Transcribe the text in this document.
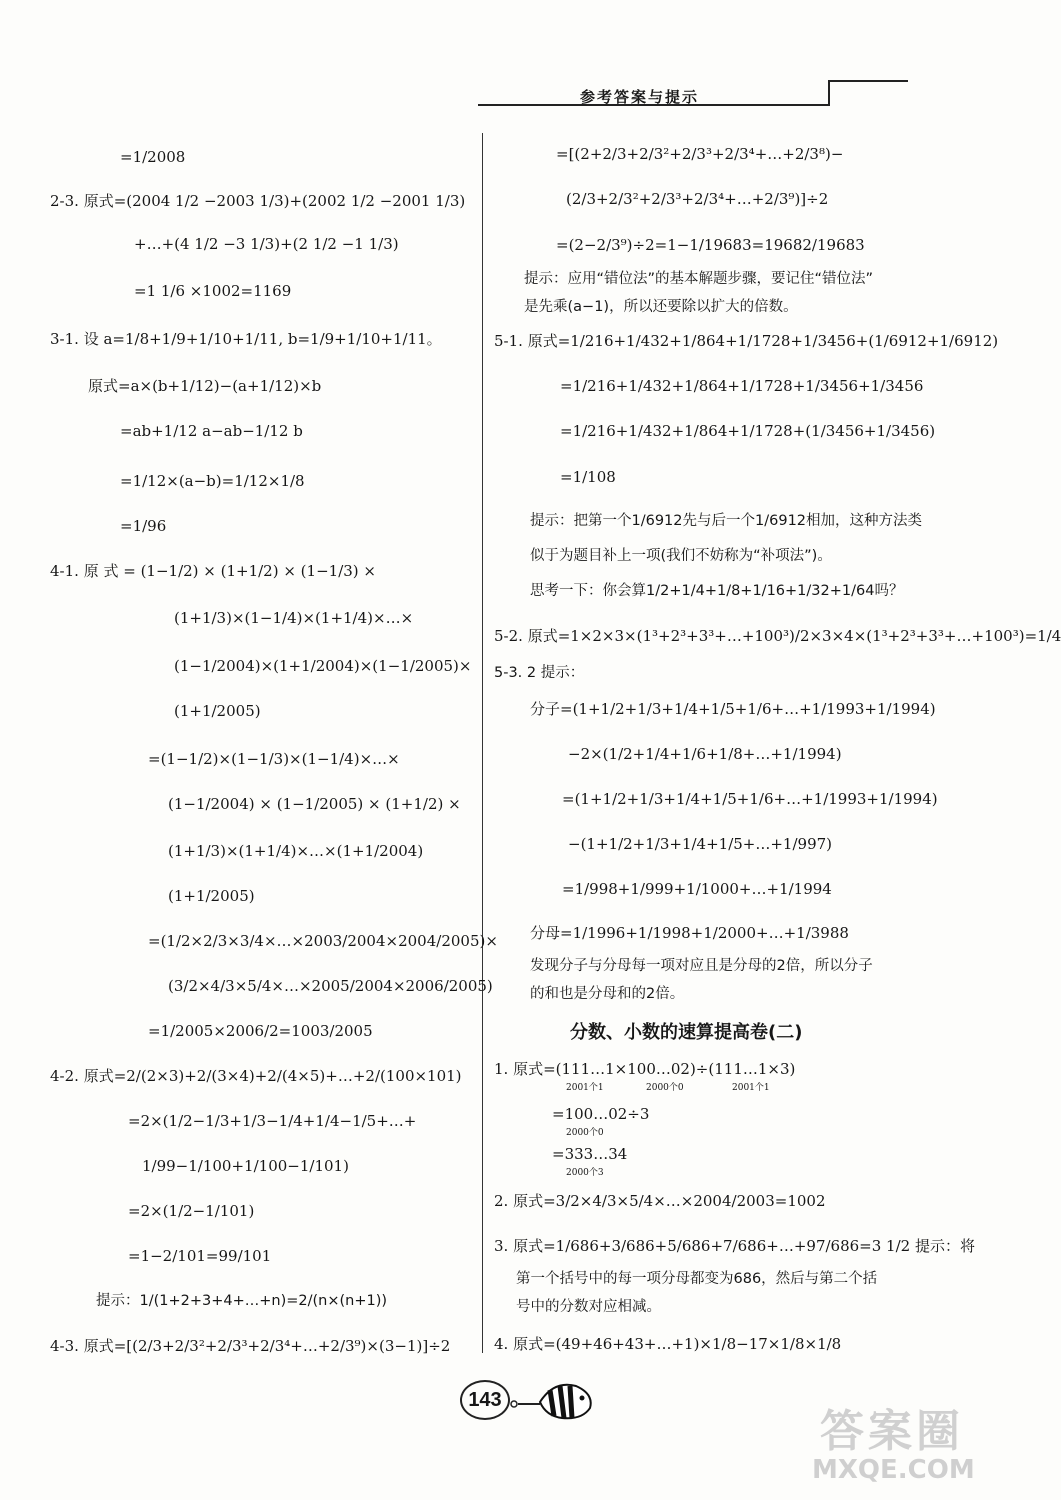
参考答案与提示
=1/2008
2-3. 原式=(2004 1/2 −2003 1/3)+(2002 1/2 −2001 1/3)
+…+(4 1/2 −3 1/3)+(2 1/2 −1 1/3)
=1 1/6 ×1002=1169
3-1. 设 a=1/8+1/9+1/10+1/11, b=1/9+1/10+1/11。
原式=a×(b+1/12)−(a+1/12)×b
=ab+1/12 a−ab−1/12 b
=1/12×(a−b)=1/12×1/8
=1/96
4-1. 原 式 = (1−1/2) × (1+1/2) × (1−1/3) ×
(1+1/3)×(1−1/4)×(1+1/4)×…×
(1−1/2004)×(1+1/2004)×(1−1/2005)×
(1+1/2005)
=(1−1/2)×(1−1/3)×(1−1/4)×…×
(1−1/2004) × (1−1/2005) × (1+1/2) ×
(1+1/3)×(1+1/4)×…×(1+1/2004)
(1+1/2005)
=(1/2×2/3×3/4×…×2003/2004×2004/2005)×
(3/2×4/3×5/4×…×2005/2004×2006/2005)
=1/2005×2006/2=1003/2005
4-2. 原式=2/(2×3)+2/(3×4)+2/(4×5)+…+2/(100×101)
=2×(1/2−1/3+1/3−1/4+1/4−1/5+…+
1/99−1/100+1/100−1/101)
=2×(1/2−1/101)
=1−2/101=99/101
提示：1/(1+2+3+4+…+n)=2/(n×(n+1))
4-3. 原式=[(2/3+2/3²+2/3³+2/3⁴+…+2/3⁹)×(3−1)]÷2
=[(2+2/3+2/3²+2/3³+2/3⁴+…+2/3⁸)−
(2/3+2/3²+2/3³+2/3⁴+…+2/3⁹)]÷2
=(2−2/3⁹)÷2=1−1/19683=19682/19683
提示：应用“错位法”的基本解题步骤，要记住“错位法”
是先乘(a−1)，所以还要除以扩大的倍数。
5-1. 原式=1/216+1/432+1/864+1/1728+1/3456+(1/6912+1/6912)
=1/216+1/432+1/864+1/1728+1/3456+1/3456
=1/216+1/432+1/864+1/1728+(1/3456+1/3456)
=1/108
提示：把第一个1/6912先与后一个1/6912相加，这种方法类
似于为题目补上一项(我们不妨称为“补项法”)。
思考一下：你会算1/2+1/4+1/8+1/16+1/32+1/64吗？
5-2. 原式=1×2×3×(1³+2³+3³+…+100³)/2×3×4×(1³+2³+3³+…+100³)=1/4
5-3. 2 提示：
分子=(1+1/2+1/3+1/4+1/5+1/6+…+1/1993+1/1994)
−2×(1/2+1/4+1/6+1/8+…+1/1994)
=(1+1/2+1/3+1/4+1/5+1/6+…+1/1993+1/1994)
−(1+1/2+1/3+1/4+1/5+…+1/997)
=1/998+1/999+1/1000+…+1/1994
分母=1/1996+1/1998+1/2000+…+1/3988
发现分子与分母每一项对应且是分母的2倍，所以分子
的和也是分母和的2倍。
分数、小数的速算提高卷(二)
1. 原式=(111…1×100…02)÷(111…1×3)
2001个1	2000个0	2001个1
=100…02÷3
2000个0
=333…34
2000个3
2. 原式=3/2×4/3×5/4×…×2004/2003=1002
3. 原式=1/686+3/686+5/686+7/686+…+97/686=3 1/2 提示：将
第一个括号中的每一项分母都变为686，然后与第二个括
号中的分数对应相减。
4. 原式=(49+46+43+…+1)×1/8−17×1/8×1/8
143
答案圈
MXQE.COM
